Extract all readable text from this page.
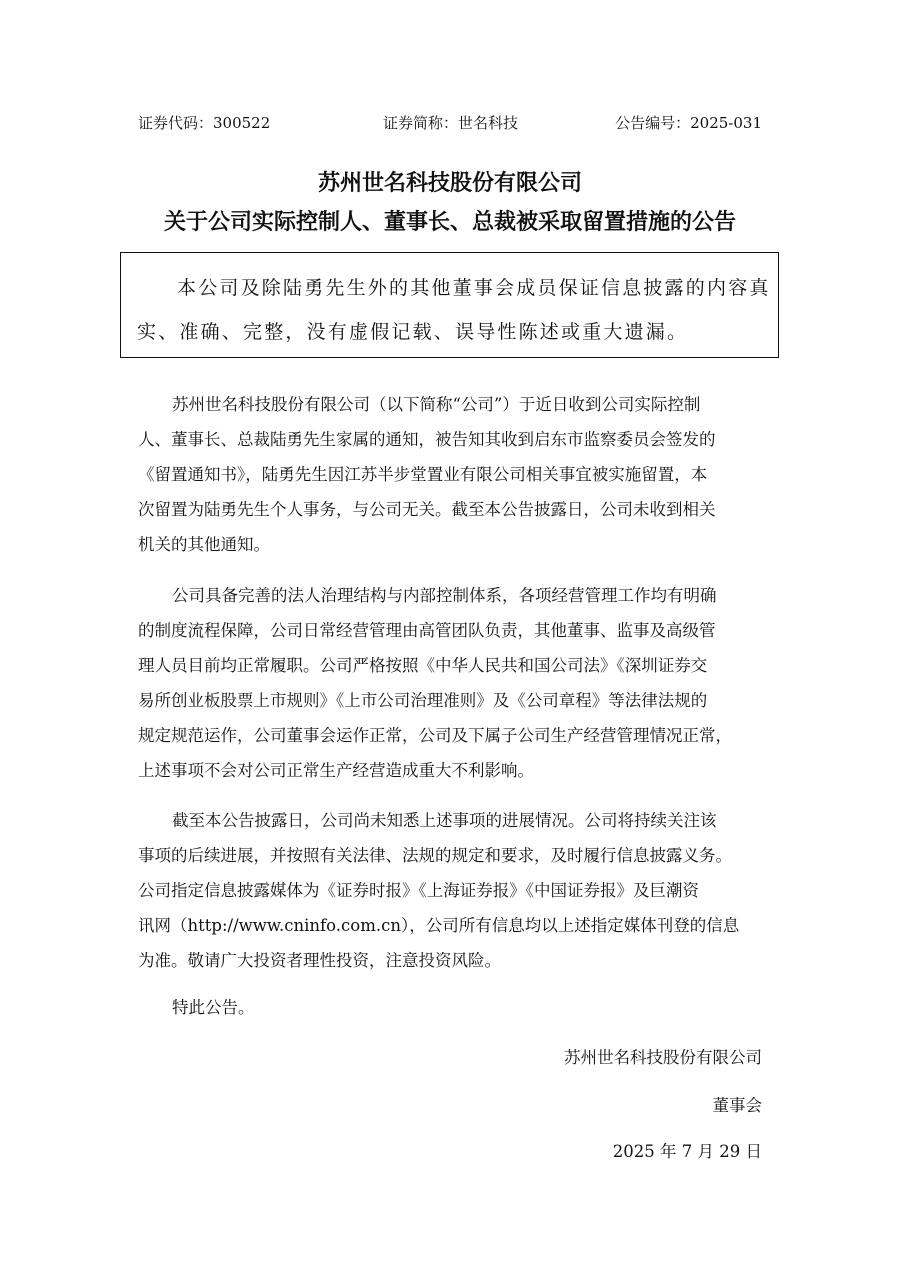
证券代码：300522	证券简称：世名科技	公告编号：2025-031
苏州世名科技股份有限公司
关于公司实际控制人、董事长、总裁被采取留置措施的公告
本公司及除陆勇先生外的其他董事会成员保证信息披露的内容真
实、准确、完整，没有虚假记载、误导性陈述或重大遗漏。
苏州世名科技股份有限公司（以下简称“公司”）于近日收到公司实际控制
人、董事长、总裁陆勇先生家属的通知，被告知其收到启东市监察委员会签发的
《留置通知书》，陆勇先生因江苏半步堂置业有限公司相关事宜被实施留置，本
次留置为陆勇先生个人事务，与公司无关。截至本公告披露日，公司未收到相关
机关的其他通知。
公司具备完善的法人治理结构与内部控制体系，各项经营管理工作均有明确
的制度流程保障，公司日常经营管理由高管团队负责，其他董事、监事及高级管
理人员目前均正常履职。公司严格按照《中华人民共和国公司法》《深圳证券交
易所创业板股票上市规则》《上市公司治理准则》及《公司章程》等法律法规的
规定规范运作，公司董事会运作正常，公司及下属子公司生产经营管理情况正常，
上述事项不会对公司正常生产经营造成重大不利影响。
截至本公告披露日，公司尚未知悉上述事项的进展情况。公司将持续关注该
事项的后续进展，并按照有关法律、法规的规定和要求，及时履行信息披露义务。
公司指定信息披露媒体为《证券时报》《上海证券报》《中国证券报》及巨潮资
讯网（http://www.cninfo.com.cn），公司所有信息均以上述指定媒体刊登的信息
为准。敬请广大投资者理性投资，注意投资风险。
特此公告。
苏州世名科技股份有限公司
董事会
2025 年 7 月 29 日
